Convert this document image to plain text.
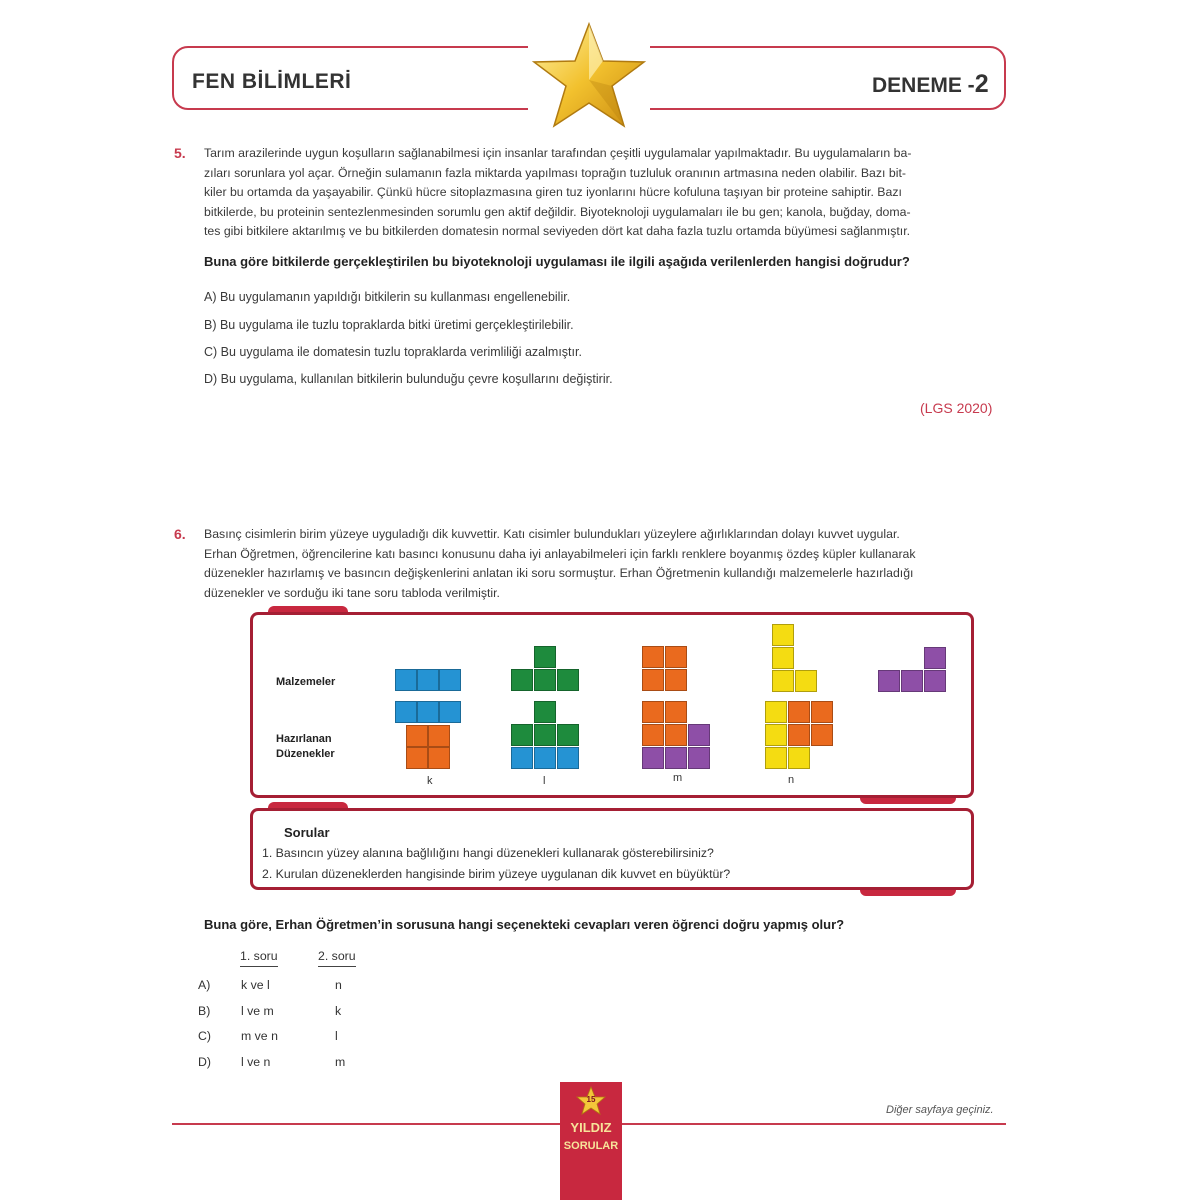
FEN BİLİMLERİ	DENEME -2
5. Tarım arazilerinde uygun koşulların sağlanabilmesi için insanlar tarafından çeşitli uygulamalar yapılmaktadır. Bu uygulamaların ba-
zıları sorunlara yol açar. Örneğin sulamanın fazla miktarda yapılması toprağın tuzluluk oranının artmasına neden olabilir. Bazı bit-
kiler bu ortamda da yaşayabilir. Çünkü hücre sitoplazmasına giren tuz iyonlarını hücre kofuluna taşıyan bir proteine sahiptir. Bazı
bitkilerde, bu proteinin sentezlenmesinden sorumlu gen aktif değildir. Biyoteknoloji uygulamaları ile bu gen; kanola, buğday, doma-
tes gibi bitkilere aktarılmış ve bu bitkilerden domatesin normal seviyeden dört kat daha fazla tuzlu ortamda büyümesi sağlanmıştır.
Buna göre bitkilerde gerçekleştirilen bu biyoteknoloji uygulaması ile ilgili aşağıda verilenlerden hangisi doğrudur?
A) Bu uygulamanın yapıldığı bitkilerin su kullanması engellenebilir.
B) Bu uygulama ile tuzlu topraklarda bitki üretimi gerçekleştirilebilir.
C) Bu uygulama ile domatesin tuzlu topraklarda verimliliği azalmıştır.
D) Bu uygulama, kullanılan bitkilerin bulunduğu çevre koşullarını değiştirir.
(LGS 2020)
6. Basınç cisimlerin birim yüzeye uyguladığı dik kuvvettir. Katı cisimler bulundukları yüzeylere ağırlıklarından dolayı kuvvet uygular.
Erhan Öğretmen, öğrencilerine katı basıncı konusunu daha iyi anlayabilmeleri için farklı renklere boyanmış özdeş küpler kullanarak
düzenekler hazırlamış ve basıncın değişkenlerini anlatan iki soru sormuştur. Erhan Öğretmenin kullandığı malzemelerle hazırladığı
düzenekler ve sorduğu iki tane soru tabloda verilmiştir.
Malzemeler
Hazırlanan
Düzenekler
k	l	m	n
Sorular
1. Basıncın yüzey alanına bağlılığını hangi düzenekleri kullanarak gösterebilirsiniz?
2. Kurulan düzeneklerden hangisinde birim yüzeye uygulanan dik kuvvet en büyüktür?
Buna göre, Erhan Öğretmen’in sorusuna hangi seçenekteki cevapları veren öğrenci doğru yapmış olur?
1. soru	2. soru
A) k ve l	n
B) l ve m	k
C) m ve n	l
D) l ve n	m
15
YILDIZ
SORULAR
Diğer sayfaya geçiniz.
